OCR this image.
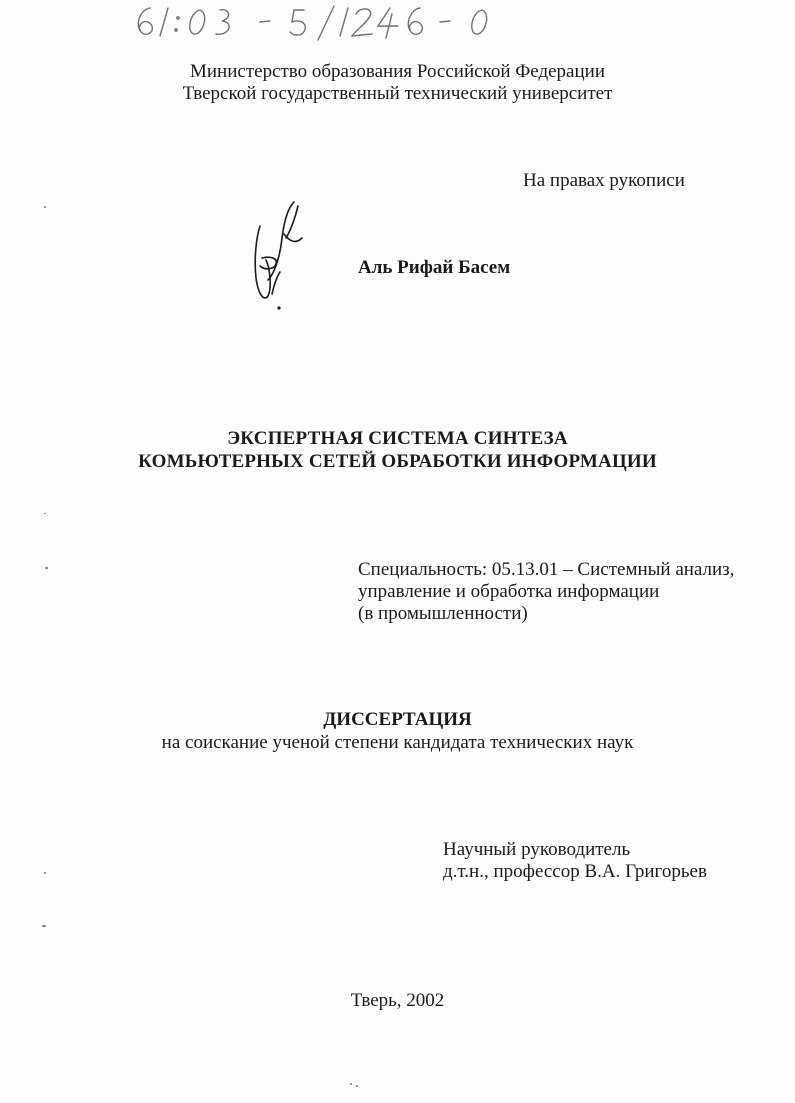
Министерство образования Российской Федерации
Тверской государственный технический университет
На правах рукописи
Аль Рифай Басем
ЭКСПЕРТНАЯ СИСТЕМА СИНТЕЗА
КОМЬЮТЕРНЫХ СЕТЕЙ ОБРАБОТКИ ИНФОРМАЦИИ
Специальность: 05.13.01 – Системный анализ,
управление и обработка информации
(в промышленности)
ДИССЕРТАЦИЯ
на соискание ученой степени кандидата технических наук
Научный руководитель
д.т.н., профессор В.А. Григорьев
Тверь, 2002
